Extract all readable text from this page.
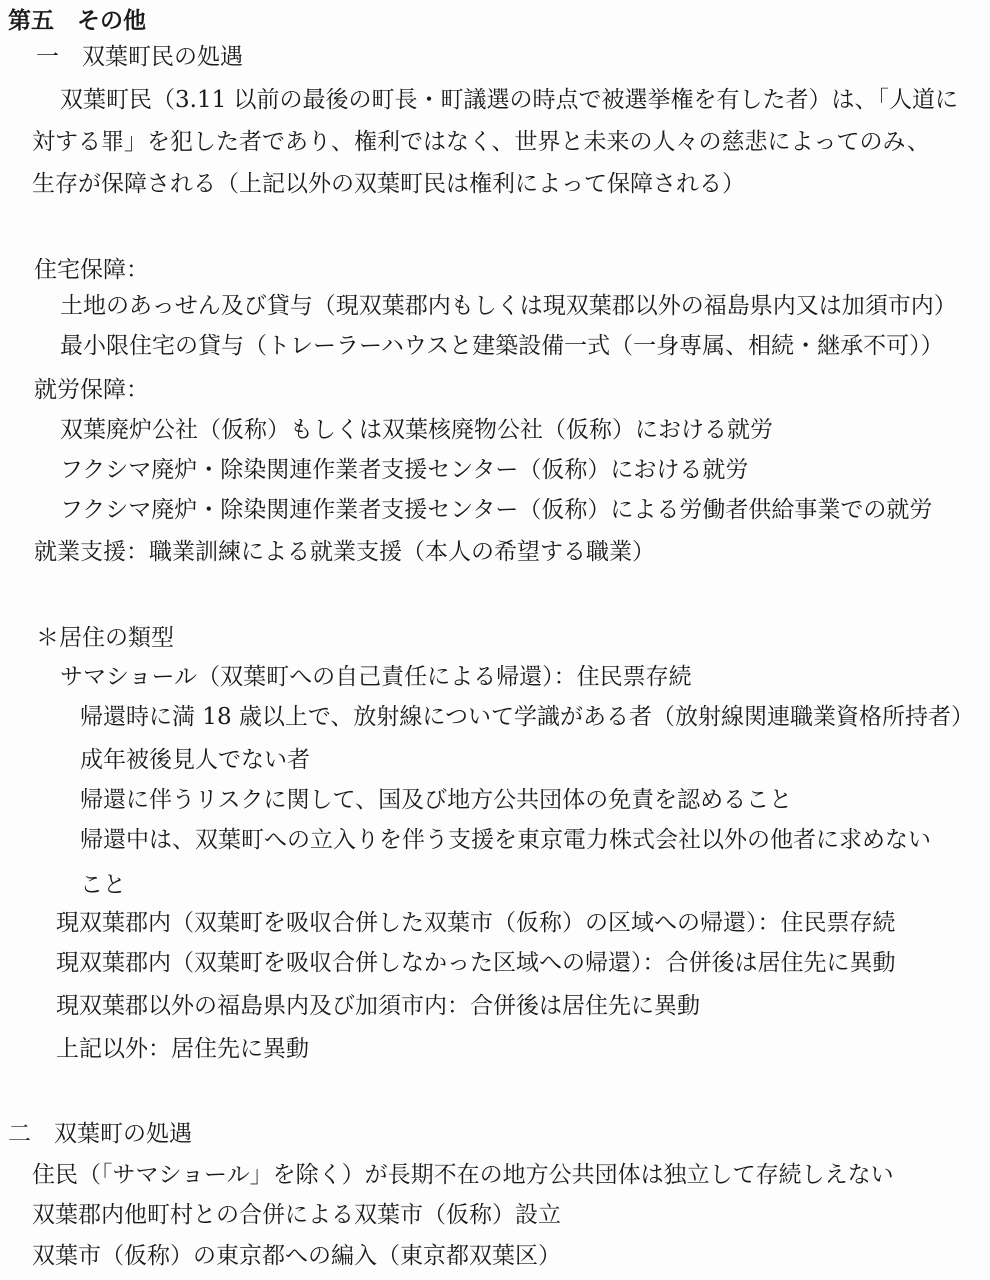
第五　その他
一　双葉町民の処遇
双葉町民（3.11 以前の最後の町長・町議選の時点で被選挙権を有した者）は、「人道に
対する罪」を犯した者であり、権利ではなく、世界と未来の人々の慈悲によってのみ、
生存が保障される（上記以外の双葉町民は権利によって保障される）
住宅保障：
土地のあっせん及び貸与（現双葉郡内もしくは現双葉郡以外の福島県内又は加須市内）
最小限住宅の貸与（トレーラーハウスと建築設備一式（一身専属、相続・継承不可））
就労保障：
双葉廃炉公社（仮称）もしくは双葉核廃物公社（仮称）における就労
フクシマ廃炉・除染関連作業者支援センター（仮称）における就労
フクシマ廃炉・除染関連作業者支援センター（仮称）による労働者供給事業での就労
就業支援：職業訓練による就業支援（本人の希望する職業）
＊居住の類型
サマショール（双葉町への自己責任による帰還）：住民票存続
帰還時に満 18 歳以上で、放射線について学識がある者（放射線関連職業資格所持者）
成年被後見人でない者
帰還に伴うリスクに関して、国及び地方公共団体の免責を認めること
帰還中は、双葉町への立入りを伴う支援を東京電力株式会社以外の他者に求めない
こと
現双葉郡内（双葉町を吸収合併した双葉市（仮称）の区域への帰還）：住民票存続
現双葉郡内（双葉町を吸収合併しなかった区域への帰還）：合併後は居住先に異動
現双葉郡以外の福島県内及び加須市内：合併後は居住先に異動
上記以外：居住先に異動
二　双葉町の処遇
住民（「サマショール」を除く）が長期不在の地方公共団体は独立して存続しえない
双葉郡内他町村との合併による双葉市（仮称）設立
双葉市（仮称）の東京都への編入（東京都双葉区）
